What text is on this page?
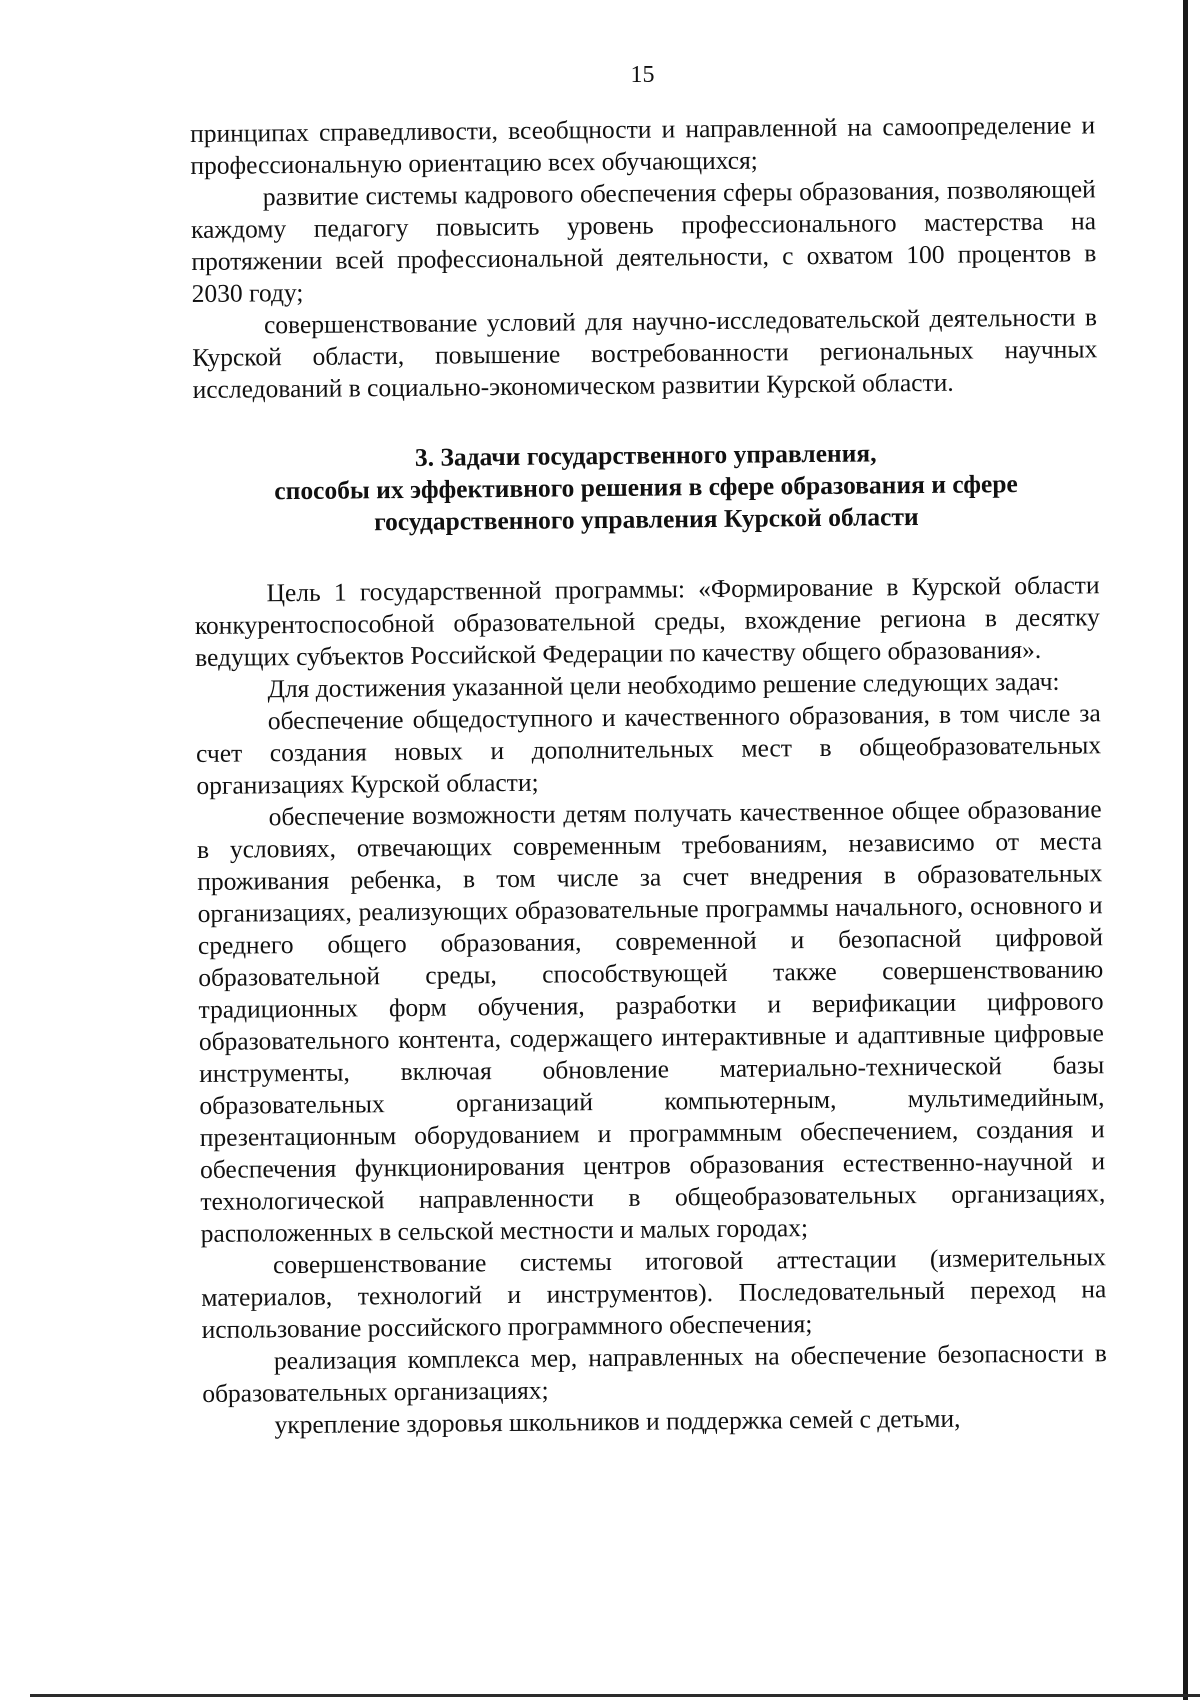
15

принципах справедливости, всеобщности и направленной на самоопределение и профессиональную ориентацию всех обучающихся;

развитие системы кадрового обеспечения сферы образования, позволяющей каждому педагогу повысить уровень профессионального мастерства на протяжении всей профессиональной деятельности, с охватом 100 процентов в 2030 году;

совершенствование условий для научно-исследовательской деятельности в Курской области, повышение востребованности региональных научных исследований в социально-экономическом развитии Курской области.

3. Задачи государственного управления,
способы их эффективного решения в сфере образования и сфере
государственного управления Курской области

Цель 1 государственной программы: «Формирование в Курской области конкурентоспособной образовательной среды, вхождение региона в десятку ведущих субъектов Российской Федерации по качеству общего образования».

Для достижения указанной цели необходимо решение следующих задач:

обеспечение общедоступного и качественного образования, в том числе за счет создания новых и дополнительных мест в общеобразовательных организациях Курской области;

обеспечение возможности детям получать качественное общее образование в условиях, отвечающих современным требованиям, независимо от места проживания ребенка, в том числе за счет внедрения в образовательных организациях, реализующих образовательные программы начального, основного и среднего общего образования, современной и безопасной цифровой образовательной среды, способствующей также совершенствованию традиционных форм обучения, разработки и верификации цифрового образовательного контента, содержащего интерактивные и адаптивные цифровые инструменты, включая обновление материально-технической базы образовательных организаций компьютерным, мультимедийным, презентационным оборудованием и программным обеспечением, создания и обеспечения функционирования центров образования естественно-научной и технологической направленности в общеобразовательных организациях, расположенных в сельской местности и малых городах;

совершенствование системы итоговой аттестации (измерительных материалов, технологий и инструментов). Последовательный переход на использование российского программного обеспечения;

реализация комплекса мер, направленных на обеспечение безопасности в образовательных организациях;

укрепление здоровья школьников и поддержка семей с детьми,
